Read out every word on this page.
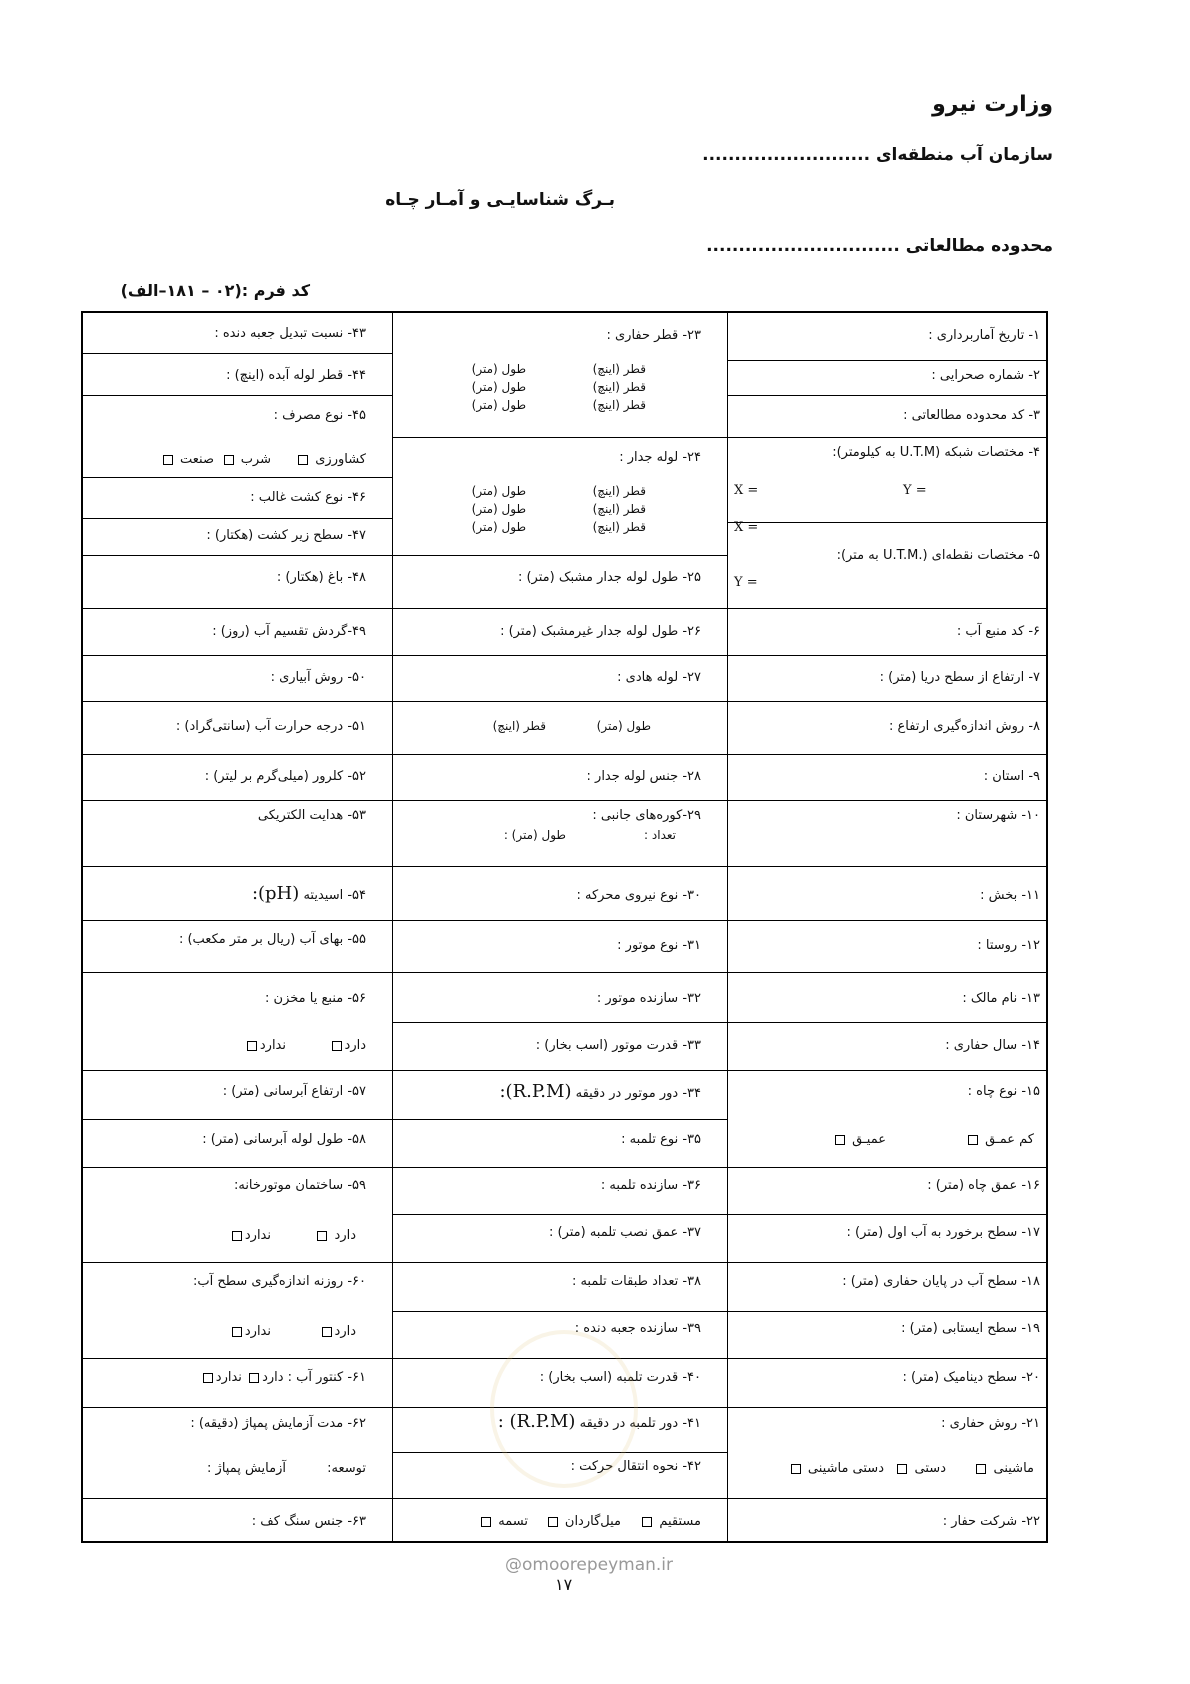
وزارت نیرو
سازمان آب منطقه‌ای ..........................
بـرگ شناسایـی و آمـار چـاه
محدوده مطالعاتی ..............................
کد فرم :(۰۲ – ۱۸۱–الف)
۱- تاریخ آماربرداری :
۲- شماره صحرایی :
۳- کد محدوده مطالعاتی :
۴- مختصات شبکه (U.T.M به کیلومتر):
X =	Y =
X =
۵- مختصات نقطه‌ای (.U.T.M به متر):
Y =
۶- کد منبع آب :
۷- ارتفاع از سطح دریا (متر) :
۸- روش اندازه‌گیری ارتفاع :
۹- استان :
۱۰- شهرستان :
۱۱- بخش :
۱۲- روستا :
۱۳- نام مالک :
۱۴- سال حفاری :
۱۵- نوع چاه :
کم عمـق
عمیـق
۱۶- عمق چاه (متر) :
۱۷- سطح برخورد به آب اول (متر) :
۱۸- سطح آب در پایان حفاری (متر) :
۱۹- سطح ایستابی (متر) :
۲۰- سطح دینامیک (متر) :
۲۱- روش حفاری :
ماشینی
دستی
دستی ماشینی
۲۲- شرکت حفار :
۲۳- قطر حفاری :
قطر (اینچ)
طول (متر)
قطر (اینچ)
طول (متر)
قطر (اینچ)
طول (متر)
۲۴- لوله جدار :
قطر (اینچ)
طول (متر)
قطر (اینچ)
طول (متر)
قطر (اینچ)
طول (متر)
۲۵- طول لوله جدار مشبک (متر) :
۲۶- طول لوله جدار غیرمشبک (متر) :
۲۷- لوله هادی :
طول (متر)
قطر (اینچ)
۲۸- جنس لوله جدار :
۲۹-کوره‌های جانبی :
تعداد :
طول (متر) :
۳۰- نوع نیروی محرکه :
۳۱- نوع موتور :
۳۲- سازنده موتور :
۳۳- قدرت موتور (اسب بخار) :
۳۴- دور موتور در دقیقه (R.P.M):
۳۵- نوع تلمبه :
۳۶- سازنده تلمبه :
۳۷- عمق نصب تلمبه (متر) :
۳۸- تعداد طبقات تلمبه :
۳۹- سازنده جعبه دنده :
۴۰- قدرت تلمبه (اسب بخار) :
۴۱- دور تلمبه در دقیقه (R.P.M) :
۴۲- نحوه انتقال حرکت :
مستقیم
میل‌گاردان
تسمه
۴۳- نسبت تبدیل جعبه دنده :
۴۴- قطر لوله آبده (اینچ) :
۴۵- نوع مصرف :
کشاورزی
شرب
صنعت
۴۶- نوع کشت غالب :
۴۷- سطح زیر کشت (هکتار) :
۴۸- باغ (هکتار) :
۴۹-گردش تقسیم آب (روز) :
۵۰- روش آبیاری :
۵۱- درجه حرارت آب (سانتی‌گراد) :
۵۲- کلرور (میلی‌گرم بر لیتر) :
۵۳- هدایت الکتریکی
۵۴- اسیدیته (pH):
۵۵- بهای آب (ریال بر متر مکعب) :
۵۶- منبع یا مخزن :
دارد
ندارد
۵۷- ارتفاع آبرسانی (متر) :
۵۸- طول لوله آبرسانی (متر) :
۵۹- ساختمان موتورخانه:
دارد
ندارد
۶۰- روزنه اندازه‌گیری سطح آب:
دارد
ندارد
۶۱- کنتور آب : دارد ندارد
۶۲- مدت آزمایش پمپاژ (دقیقه) :
توسعه:
آزمایش پمپاژ :
۶۳- جنس سنگ کف :
@omoorepeyman.ir
۱۷
